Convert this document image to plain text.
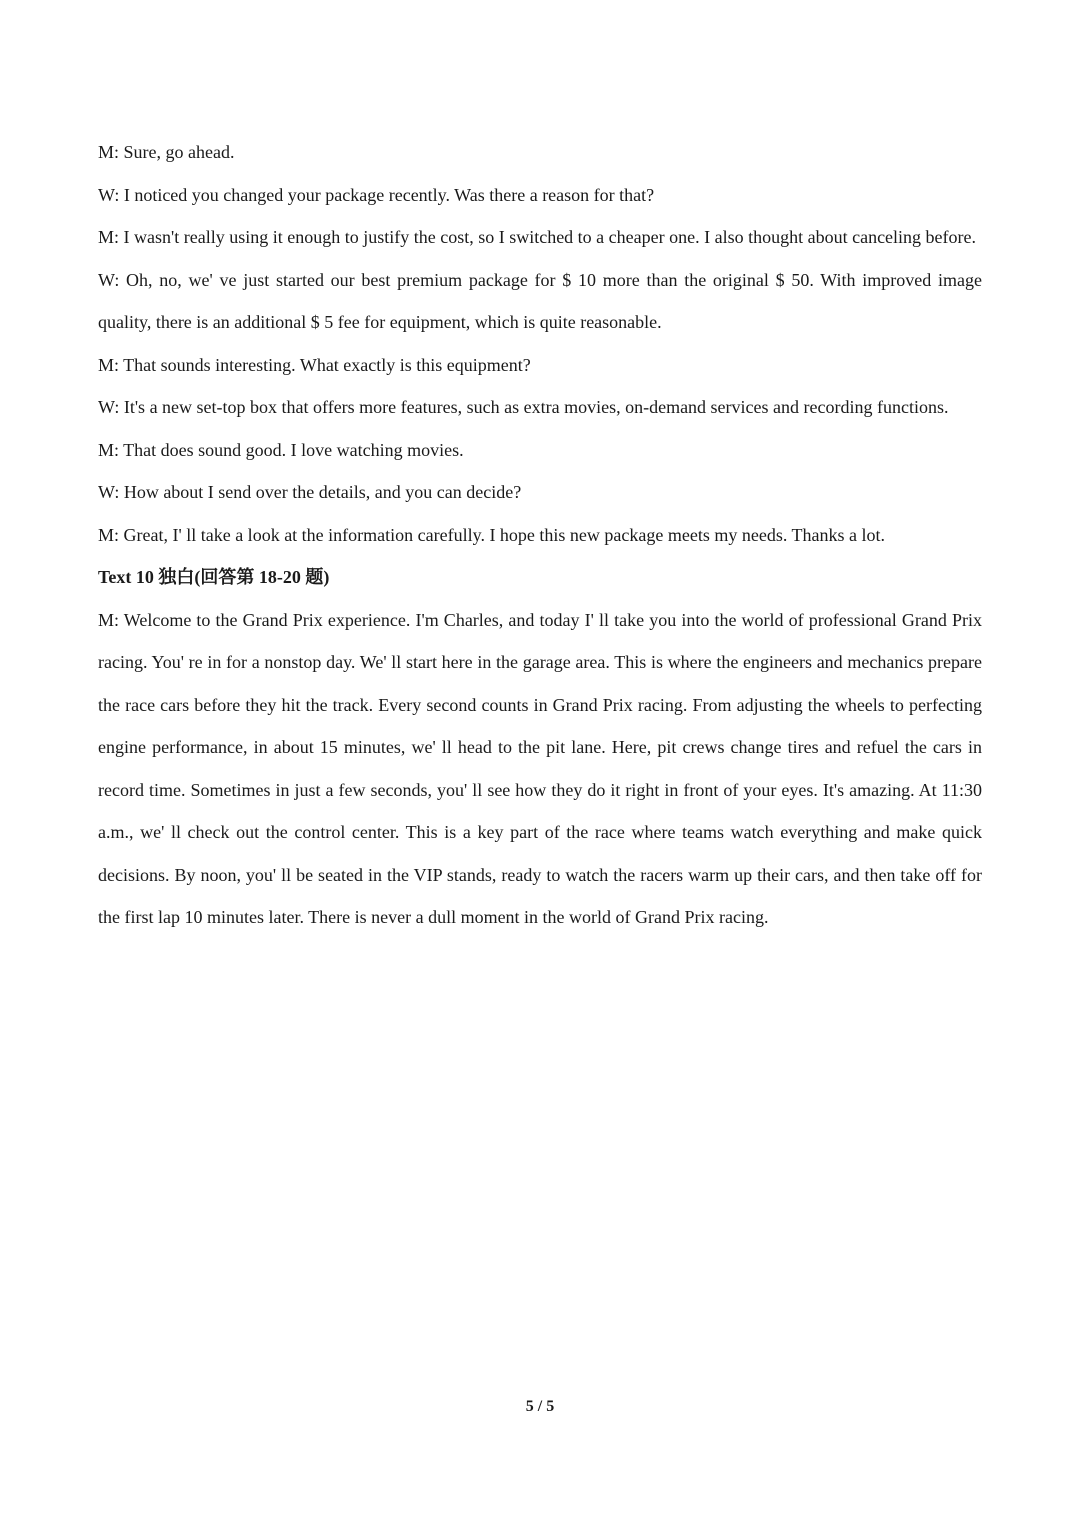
M: Sure, go ahead.

W: I noticed you changed your package recently. Was there a reason for that?

M: I wasn't really using it enough to justify the cost, so I switched to a cheaper one. I also thought about canceling before.

W: Oh, no, we' ve just started our best premium package for $ 10 more than the original $ 50. With improved image quality, there is an additional $ 5 fee for equipment, which is quite reasonable.

M: That sounds interesting. What exactly is this equipment?

W: It's a new set-top box that offers more features, such as extra movies, on-demand services and recording functions.

M: That does sound good. I love watching movies.

W: How about I send over the details, and you can decide?

M: Great, I' ll take a look at the information carefully. I hope this new package meets my needs. Thanks a lot.

Text 10 独白(回答第 18-20 题)

M: Welcome to the Grand Prix experience. I'm Charles, and today I' ll take you into the world of professional Grand Prix racing. You' re in for a nonstop day. We' ll start here in the garage area. This is where the engineers and mechanics prepare the race cars before they hit the track. Every second counts in Grand Prix racing. From adjusting the wheels to perfecting engine performance, in about 15 minutes, we' ll head to the pit lane. Here, pit crews change tires and refuel the cars in record time. Sometimes in just a few seconds, you' ll see how they do it right in front of your eyes. It's amazing. At 11:30 a.m., we' ll check out the control center. This is a key part of the race where teams watch everything and make quick decisions. By noon, you' ll be seated in the VIP stands, ready to watch the racers warm up their cars, and then take off for the first lap 10 minutes later. There is never a dull moment in the world of Grand Prix racing.

5 / 5
